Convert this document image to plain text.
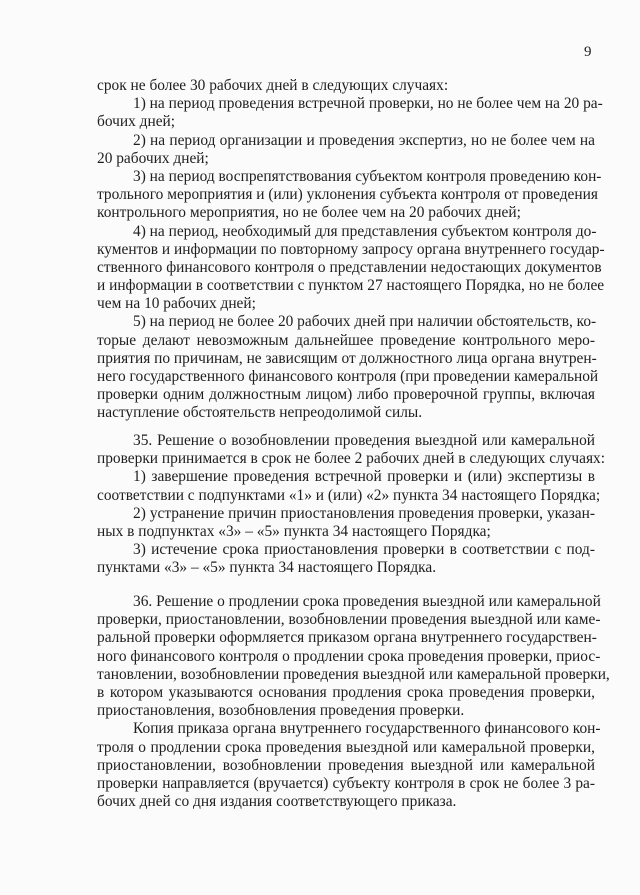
9
срок не более 30 рабочих дней в следующих случаях:
1) на период проведения встречной проверки, но не более чем на 20 ра-
бочих дней;
2) на период организации и проведения экспертиз, но не более чем на
20 рабочих дней;
3) на период воспрепятствования субъектом контроля проведению кон-
трольного мероприятия и (или) уклонения субъекта контроля от проведения
контрольного мероприятия, но не более чем на 20 рабочих дней;
4) на период, необходимый для представления субъектом контроля до-
кументов и информации по повторному запросу органа внутреннего государ-
ственного финансового контроля о представлении недостающих документов
и информации в соответствии с пунктом 27 настоящего Порядка, но не более
чем на 10 рабочих дней;
5) на период не более 20 рабочих дней при наличии обстоятельств, ко-
торые делают невозможным дальнейшее проведение контрольного меро-
приятия по причинам, не зависящим от должностного лица органа внутрен-
него государственного финансового контроля (при проведении камеральной
проверки одним должностным лицом) либо проверочной группы, включая
наступление обстоятельств непреодолимой силы.
35. Решение о возобновлении проведения выездной или камеральной
проверки принимается в срок не более 2 рабочих дней в следующих случаях:
1) завершение проведения встречной проверки и (или) экспертизы в
соответствии с подпунктами «1» и (или) «2» пункта 34 настоящего Порядка;
2) устранение причин приостановления проведения проверки, указан-
ных в подпунктах «3» – «5» пункта 34 настоящего Порядка;
3) истечение срока приостановления проверки в соответствии с под-
пунктами «3» – «5» пункта 34 настоящего Порядка.
36. Решение о продлении срока проведения выездной или камеральной
проверки, приостановлении, возобновлении проведения выездной или каме-
ральной проверки оформляется приказом органа внутреннего государствен-
ного финансового контроля о продлении срока проведения проверки, приос-
тановлении, возобновлении проведения выездной или камеральной проверки,
в котором указываются основания продления срока проведения проверки,
приостановления, возобновления проведения проверки.
Копия приказа органа внутреннего государственного финансового кон-
троля о продлении срока проведения выездной или камеральной проверки,
приостановлении, возобновлении проведения выездной или камеральной
проверки направляется (вручается) субъекту контроля в срок не более 3 ра-
бочих дней со дня издания соответствующего приказа.
